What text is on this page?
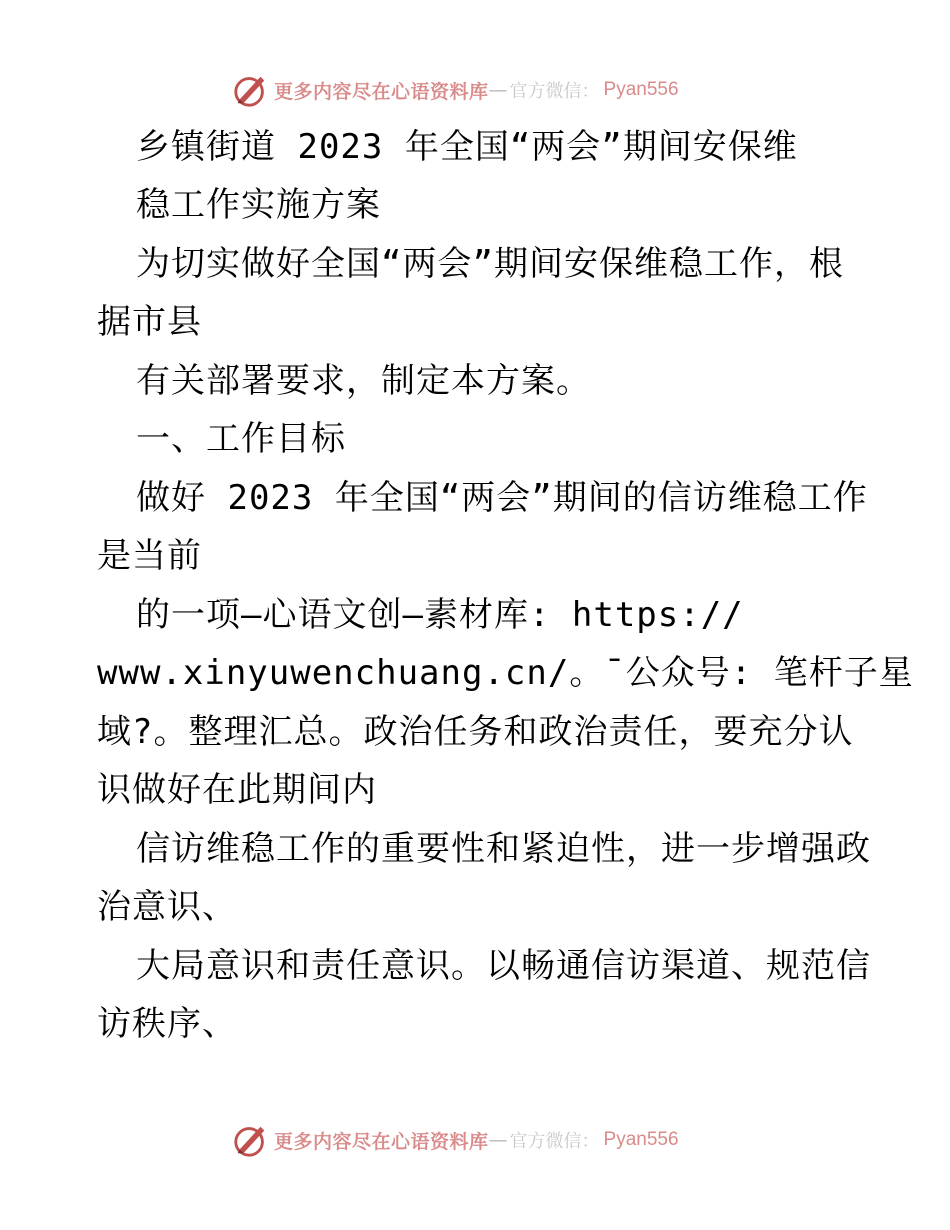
更多内容尽在心语资料库 — 官方微信： Pyan556
乡镇街道 2023 年全国“两会”期间安保维
稳工作实施方案
为切实做好全国“两会”期间安保维稳工作，根
据市县
有关部署要求，制定本方案。
一、工作目标
做好 2023 年全国“两会”期间的信访维稳工作
是当前
的一项—心语文创—素材库: https://
www.xinyuwenchuang.cn/。¯公众号: 笔杆子星
域?。整理汇总。政治任务和政治责任，要充分认
识做好在此期间内
信访维稳工作的重要性和紧迫性，进一步增强政
治意识、
大局意识和责任意识。以畅通信访渠道、规范信
访秩序、
更多内容尽在心语资料库 — 官方微信： Pyan556
